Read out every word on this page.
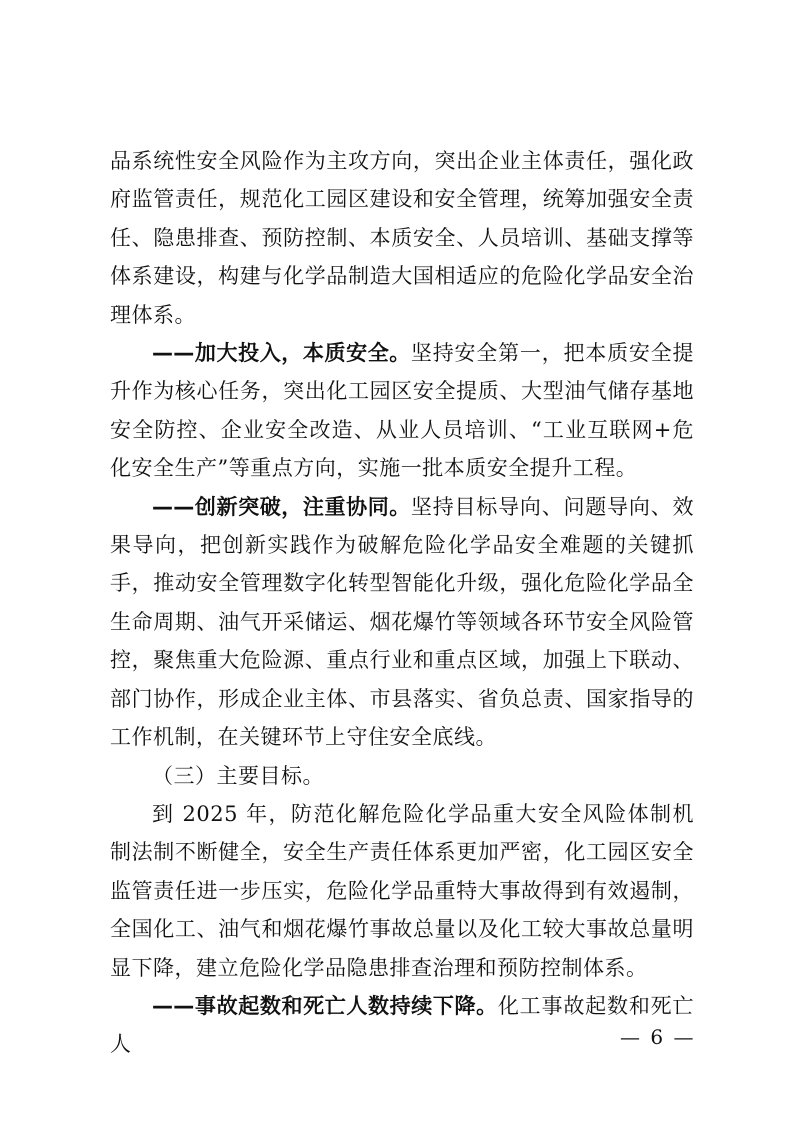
品系统性安全风险作为主攻方向，突出企业主体责任，强化政府监管责任，规范化工园区建设和安全管理，统筹加强安全责任、隐患排查、预防控制、本质安全、人员培训、基础支撑等体系建设，构建与化学品制造大国相适应的危险化学品安全治理体系。

——加大投入，本质安全。坚持安全第一，把本质安全提升作为核心任务，突出化工园区安全提质、大型油气储存基地安全防控、企业安全改造、从业人员培训、“工业互联网+危化安全生产”等重点方向，实施一批本质安全提升工程。

——创新突破，注重协同。坚持目标导向、问题导向、效果导向，把创新实践作为破解危险化学品安全难题的关键抓手，推动安全管理数字化转型智能化升级，强化危险化学品全生命周期、油气开采储运、烟花爆竹等领域各环节安全风险管控，聚焦重大危险源、重点行业和重点区域，加强上下联动、部门协作，形成企业主体、市县落实、省负总责、国家指导的工作机制，在关键环节上守住安全底线。

（三）主要目标。

到 2025 年，防范化解危险化学品重大安全风险体制机制法制不断健全，安全生产责任体系更加严密，化工园区安全监管责任进一步压实，危险化学品重特大事故得到有效遏制，全国化工、油气和烟花爆竹事故总量以及化工较大事故总量明显下降，建立危险化学品隐患排查治理和预防控制体系。

——事故起数和死亡人数持续下降。化工事故起数和死亡人	— 6 —
